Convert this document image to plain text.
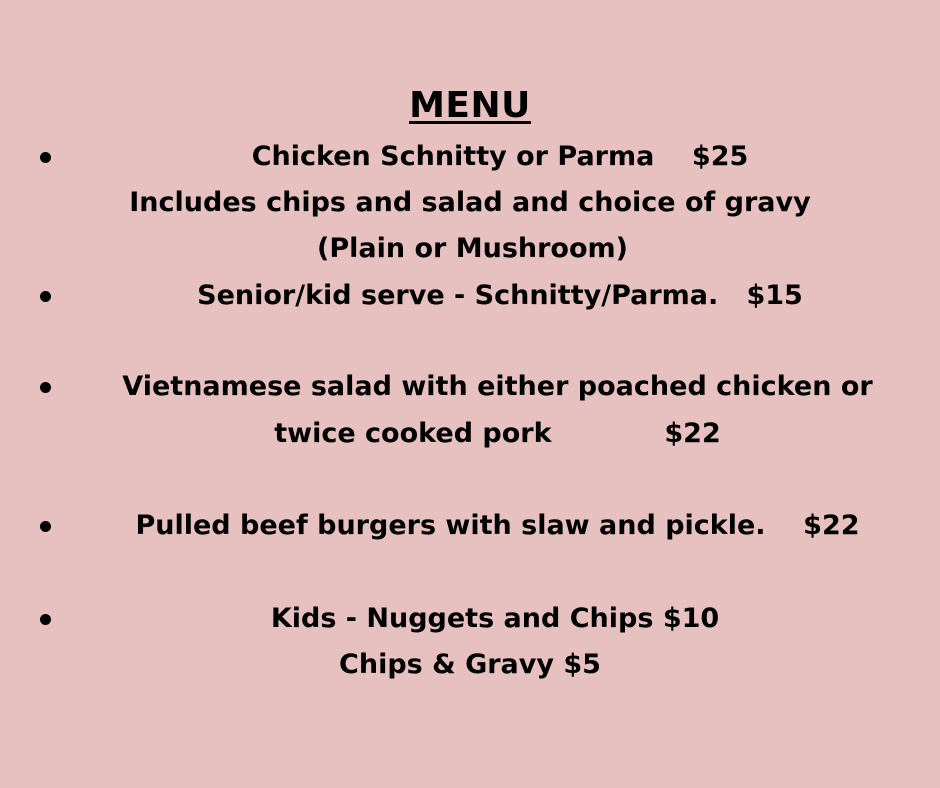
MENU
Chicken Schnitty or Parma    $25
Includes chips and salad and choice of gravy
(Plain or Mushroom)
Senior/kid serve - Schnitty/Parma.   $15
Vietnamese salad with either poached chicken or
twice cooked pork            $22
Pulled beef burgers with slaw and pickle.    $22
Kids - Nuggets and Chips $10
Chips & Gravy $5
